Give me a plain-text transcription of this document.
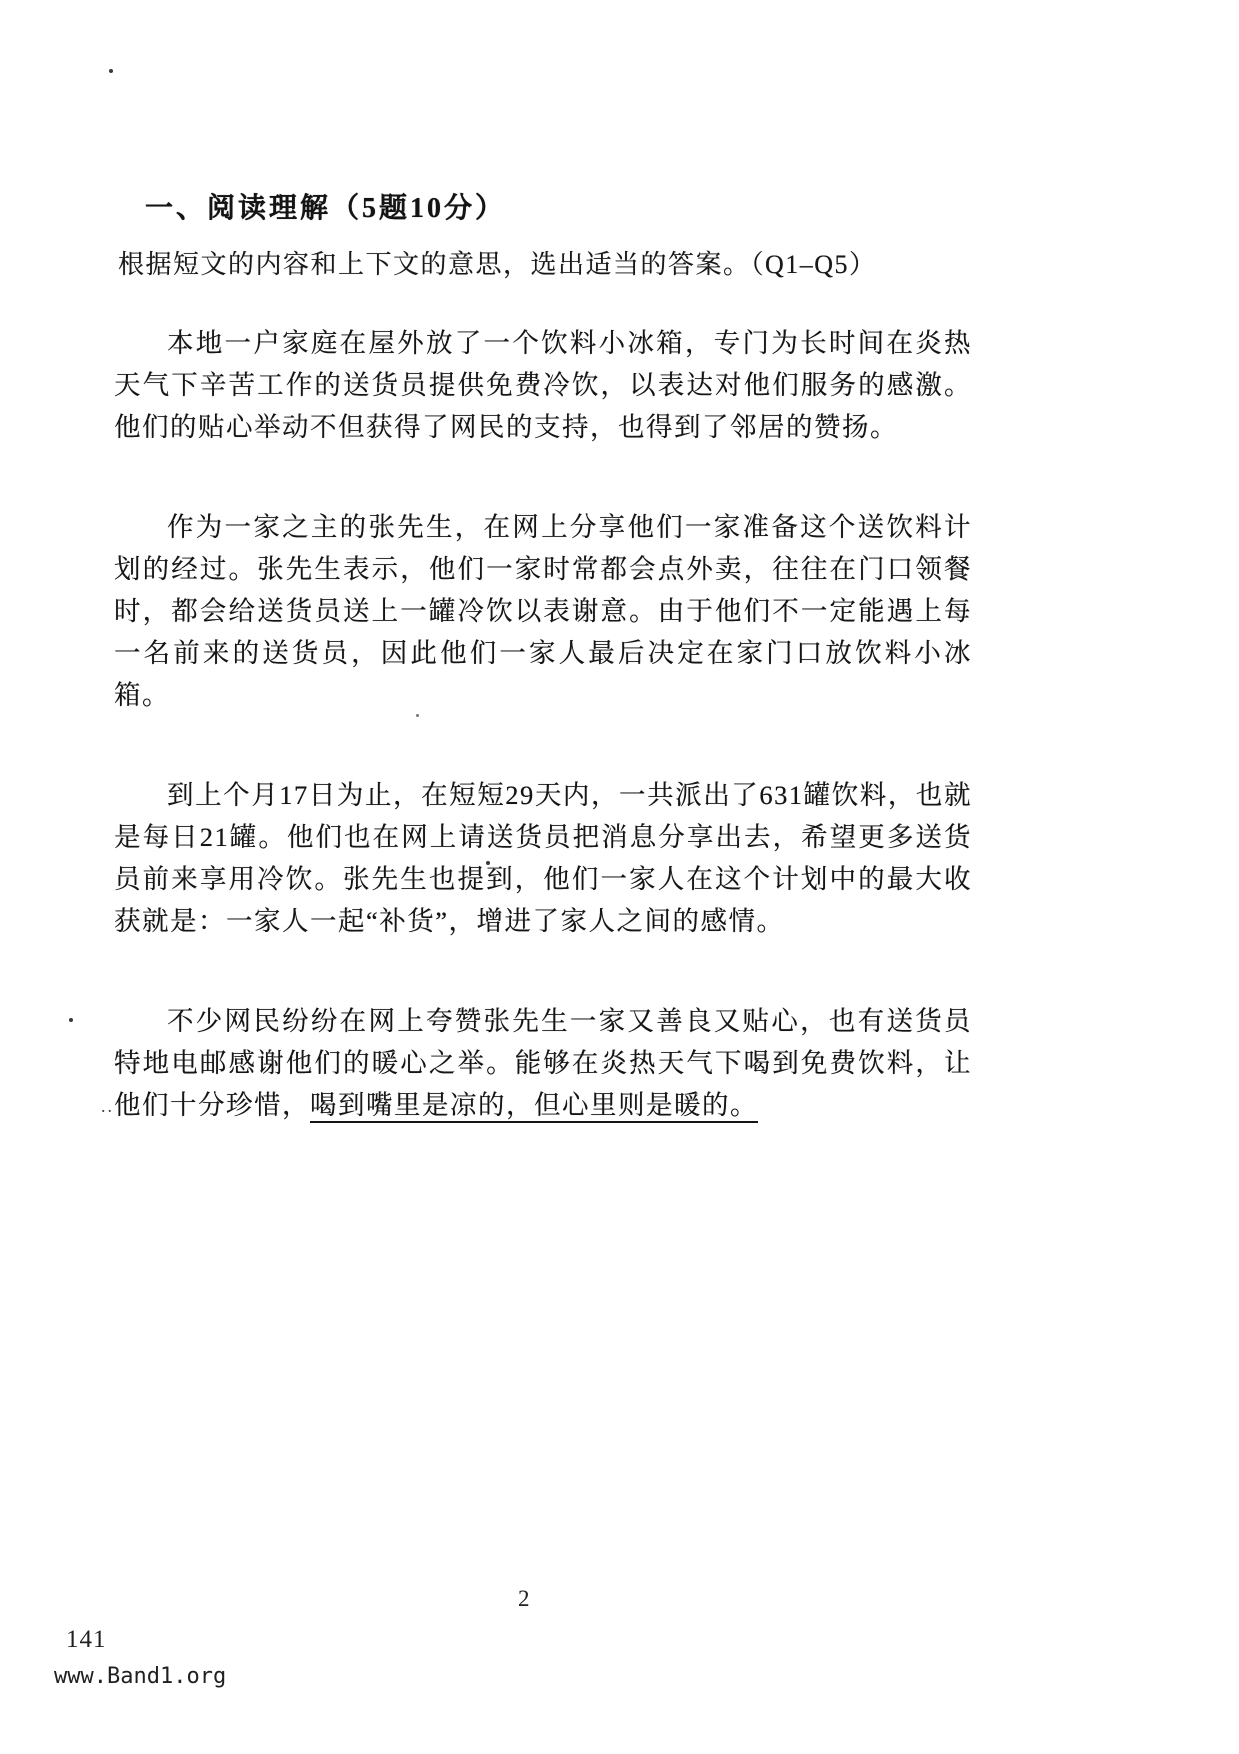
..
一、阅读理解（5题10分）

根据短文的内容和上下文的意思，选出适当的答案。（Q1–Q5）

本地一户家庭在屋外放了一个饮料小冰箱，专门为长时间在炎热天气下辛苦工作的送货员提供免费冷饮，以表达对他们服务的感激。他们的贴心举动不但获得了网民的支持，也得到了邻居的赞扬。

作为一家之主的张先生，在网上分享他们一家准备这个送饮料计划的经过。张先生表示，他们一家时常都会点外卖，往往在门口领餐时，都会给送货员送上一罐冷饮以表谢意。由于他们不一定能遇上每一名前来的送货员，因此他们一家人最后决定在家门口放饮料小冰箱。

到上个月17日为止，在短短29天内，一共派出了631罐饮料，也就是每日21罐。他们也在网上请送货员把消息分享出去，希望更多送货员前来享用冷饮。张先生也提到，他们一家人在这个计划中的最大收获就是：一家人一起“补货”，增进了家人之间的感情。

不少网民纷纷在网上夸赞张先生一家又善良又贴心，也有送货员特地电邮感谢他们的暖心之举。能够在炎热天气下喝到免费饮料，让他们十分珍惜，喝到嘴里是凉的，但心里则是暖的。

2
141
www.Band1.org
